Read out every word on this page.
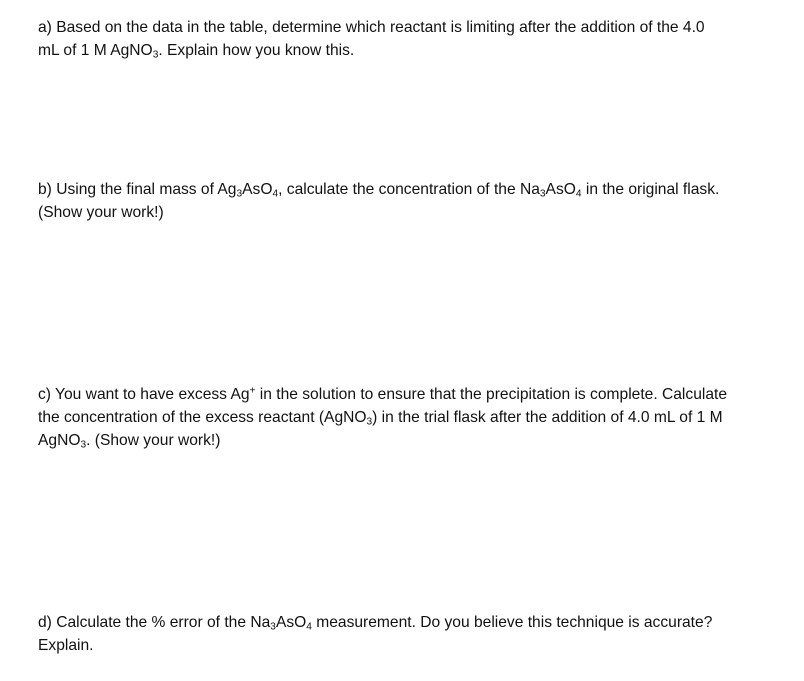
a) Based on the data in the table, determine which reactant is limiting after the addition of the 4.0
mL of 1 M AgNO$_3$. Explain how you know this.
b) Using the final mass of $Ag_3AsO_4$, calculate the concentration of the $Na_3AsO_4$ in the original flask.
(Show your work!)
c) You want to have excess Ag+ in the solution to ensure that the precipitation is complete. Calculate
the concentration of the excess reactant (AgNO$_3$) in the trial flask after the addition of 4.0 mL of 1 M
AgNO$_3$. (Show your work!)
d) Calculate the % error of the $Na_3AsO_4$ measurement. Do you believe this technique is accurate?
Explain.
